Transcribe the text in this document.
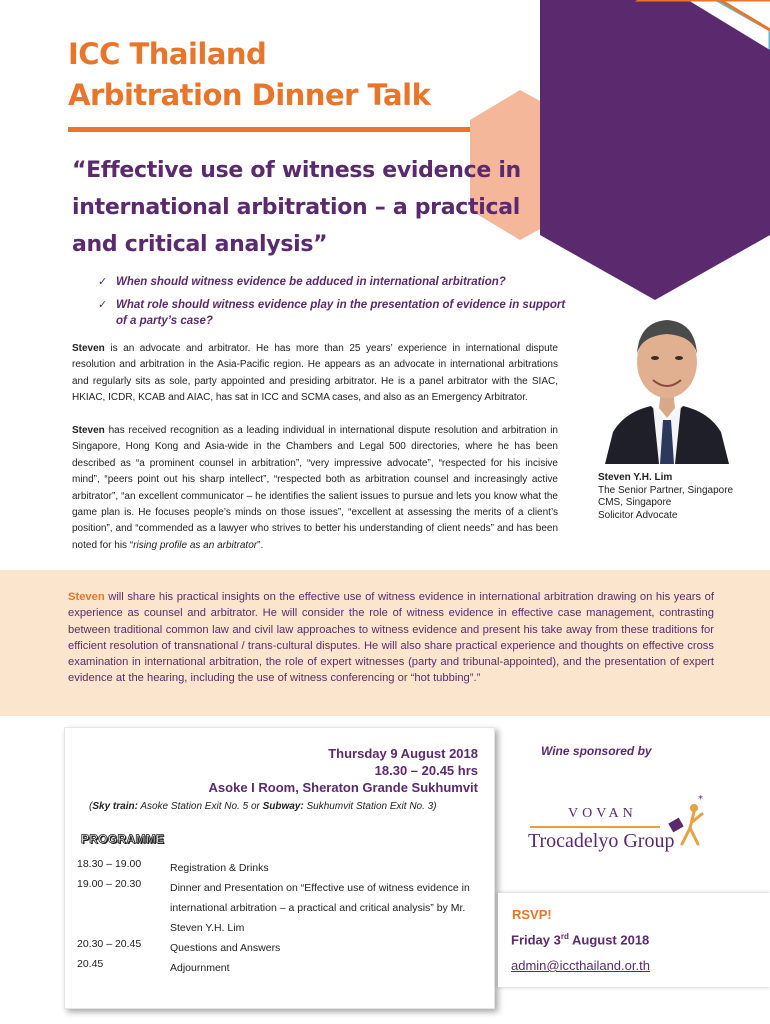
ICC Thailand
Arbitration Dinner Talk
“Effective use of witness evidence in
international arbitration – a practical
and critical analysis”
✓ When should witness evidence be adduced in international arbitration?
✓ What role should witness evidence play in the presentation of evidence in support of a party’s case?

Steven is an advocate and arbitrator. He has more than 25 years’ experience in international dispute resolution and arbitration in the Asia-Pacific region. He appears as an advocate in international arbitrations and regularly sits as sole, party appointed and presiding arbitrator. He is a panel arbitrator with the SIAC, HKIAC, ICDR, KCAB and AIAC, has sat in ICC and SCMA cases, and also as an Emergency Arbitrator.

Steven has received recognition as a leading individual in international dispute resolution and arbitration in Singapore, Hong Kong and Asia-wide in the Chambers and Legal 500 directories, where he has been described as “a prominent counsel in arbitration”, “very impressive advocate”, “respected for his incisive mind”, “peers point out his sharp intellect”, “respected both as arbitration counsel and increasingly active arbitrator”, “an excellent communicator – he identifies the salient issues to pursue and lets you know what the game plan is. He focuses people’s minds on those issues”, “excellent at assessing the merits of a client’s position”, and “commended as a lawyer who strives to better his understanding of client needs” and has been noted for his “rising profile as an arbitrator”.

Steven Y.H. Lim
The Senior Partner, Singapore
CMS, Singapore
Solicitor Advocate

Steven will share his practical insights on the effective use of witness evidence in international arbitration drawing on his years of experience as counsel and arbitrator. He will consider the role of witness evidence in effective case management, contrasting between traditional common law and civil law approaches to witness evidence and present his take away from these traditions for efficient resolution of transnational / trans-cultural disputes. He will also share practical experience and thoughts on effective cross examination in international arbitration, the role of expert witnesses (party and tribunal-appointed), and the presentation of expert evidence at the hearing, including the use of witness conferencing or “hot tubbing”.”

Thursday 9 August 2018
18.30 – 20.45 hrs
Asoke I Room, Sheraton Grande Sukhumvit
(Sky train: Asoke Station Exit No. 5 or Subway: Sukhumvit Station Exit No. 3)
PROGRAMME
18.30 – 19.00	Registration & Drinks
19.00 – 20.30	Dinner and Presentation on “Effective use of witness evidence in international arbitration – a practical and critical analysis” by Mr. Steven Y.H. Lim
20.30 – 20.45	Questions and Answers
20.45	Adjournment
Wine sponsored by
VOVAN
Trocadelyo Group
*
RSVP!
Friday 3rd August 2018
admin@iccthailand.or.th
